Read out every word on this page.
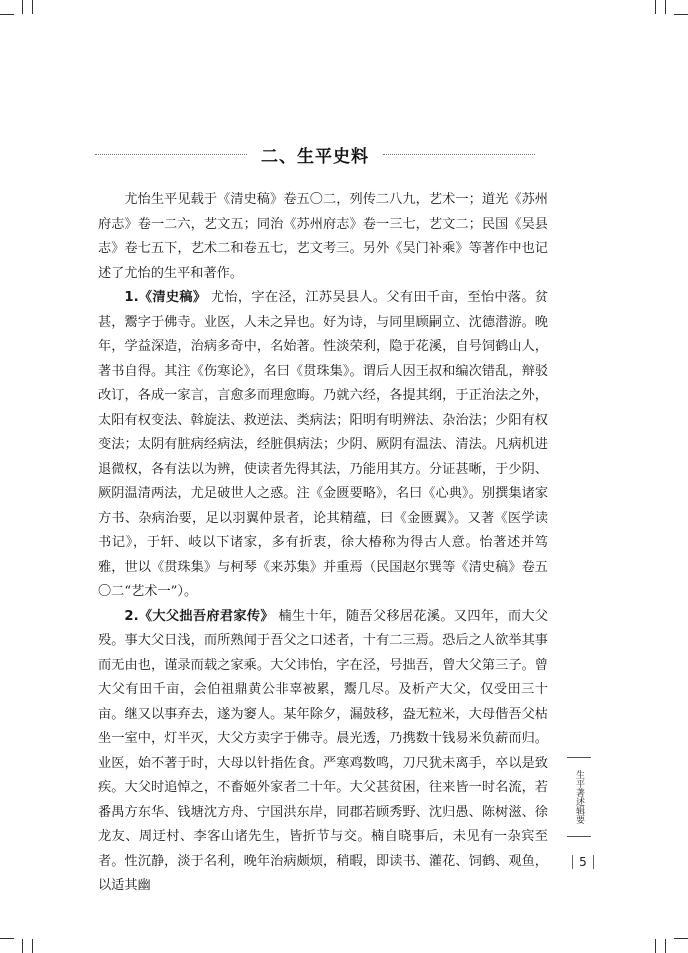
二、生平史料

尤怡生平见载于《清史稿》卷五〇二，列传二八九，艺术一；道光《苏州府志》卷一二六，艺文五；同治《苏州府志》卷一三七，艺文二；民国《吴县志》卷七五下，艺术二和卷五七，艺文考三。另外《吴门补乘》等著作中也记述了尤怡的生平和著作。

1.《清史稿》 尤怡，字在泾，江苏吴县人。父有田千亩，至怡中落。贫甚，鬻字于佛寺。业医，人未之异也。好为诗，与同里顾嗣立、沈德潜游。晚年，学益深造，治病多奇中，名始著。性淡荣利，隐于花溪，自号饲鹤山人，著书自得。其注《伤寒论》，名曰《贯珠集》。谓后人因王叔和编次错乱，辩驳改订，各成一家言，言愈多而理愈晦。乃就六经，各提其纲，于正治法之外，太阳有权变法、斡旋法、救逆法、类病法；阳明有明辨法、杂治法；少阳有权变法；太阴有脏病经病法，经脏俱病法；少阴、厥阴有温法、清法。凡病机进退微权，各有法以为辨，使读者先得其法，乃能用其方。分证甚晰，于少阴、厥阴温清两法，尤足破世人之惑。注《金匮要略》，名曰《心典》。别撰集诸家方书、杂病治要，足以羽翼仲景者，论其精蕴，曰《金匮翼》。又著《医学读书记》，于轩、岐以下诸家，多有折衷，徐大椿称为得古人意。怡著述并笃雅，世以《贯珠集》与柯琴《来苏集》并重焉（民国赵尔巽等《清史稿》卷五〇二“艺术一”）。

2.《大父拙吾府君家传》 楠生十年，随吾父移居花溪。又四年，而大父殁。事大父日浅，而所熟闻于吾父之口述者，十有二三焉。恐后之人欲举其事而无由也，谨录而载之家乘。大父讳怡，字在泾，号拙吾，曾大父第三子。曾大父有田千亩，会伯祖鼎黄公非辜被累，鬻几尽。及析产大父，仅受田三十亩。继又以事弃去，遂为窭人。某年除夕，漏鼓移，盎无粒米，大母偕吾父枯坐一室中，灯半灭，大父方卖字于佛寺。晨光透，乃携数十钱易米负薪而归。业医，始不著于时，大母以针指佐食。严寒鸡数鸣，刀尺犹未离手，卒以是致疾。大父时追悼之，不畜姬外家者二十年。大父甚贫困，往来皆一时名流，若番禺方东华、钱塘沈方舟、宁国洪东岸，同郡若顾秀野、沈归愚、陈树滋、徐龙友、周迂村、李客山诸先生，皆折节与交。楠自晓事后，未见有一杂宾至者。性沉静，淡于名利，晚年治病颇烦，稍暇，即读书、灌花、饲鹤、观鱼，以适其幽

生平著述辑要
5
